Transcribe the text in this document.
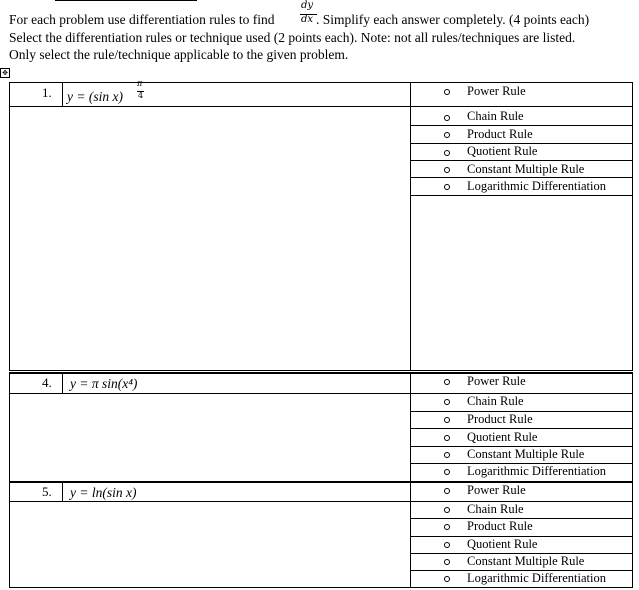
For each problem use differentiation rules to find
dy
dx . Simplify each answer completely. (4 points each)
Select the differentiation rules or technique used (2 points each). Note: not all rules/techniques are listed.
Only select the rule/technique applicable to the given problem.
✥
1. y = (sin x)
π
4	Power Rule
Chain Rule
Product Rule
Quotient Rule
Constant Multiple Rule
Logarithmic Differentiation
4. y = π sin(x⁴)	Power Rule
Chain Rule
Product Rule
Quotient Rule
Constant Multiple Rule
Logarithmic Differentiation
5. y = ln(sin x)	Power Rule
Chain Rule
Product Rule
Quotient Rule
Constant Multiple Rule
Logarithmic Differentiation
